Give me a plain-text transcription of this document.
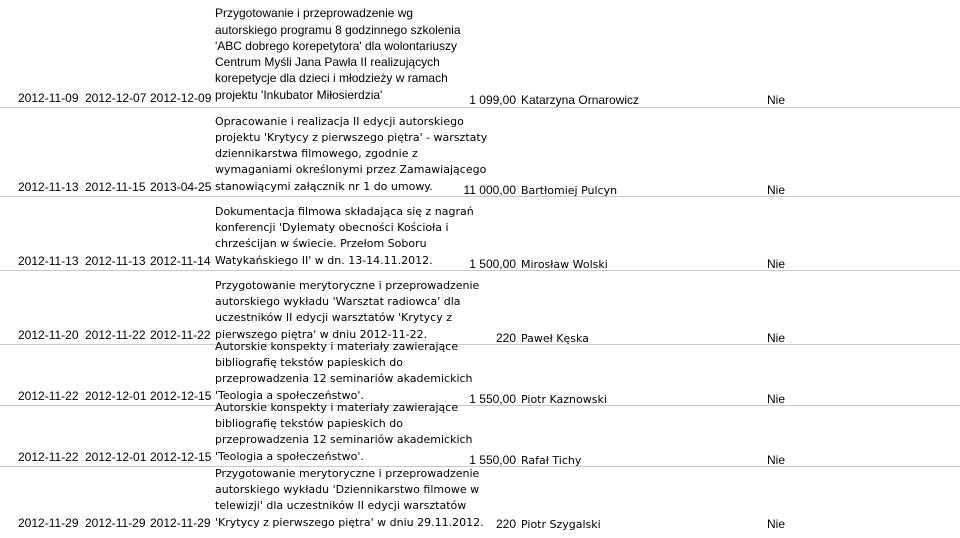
2012-11-09 2012-12-07 2012-12-09
Przygotowanie i przeprowadzenie wg
autorskiego programu 8 godzinnego szkolenia
'ABC dobrego korepetytora' dla wolontariuszy
Centrum Myśli Jana Pawła II realizujących
korepetycje dla dzieci i młodzieży w ramach
projektu 'Inkubator Miłosierdzia'	1 099,00 Katarzyna Ornarowicz	Nie
2012-11-13 2012-11-15 2013-04-25
Opracowanie i realizacja II edycji autorskiego
projektu 'Krytycy z pierwszego piętra' - warsztaty
dziennikarstwa filmowego, zgodnie z
wymaganiami określonymi przez Zamawiającego
stanowiącymi załącznik nr 1 do umowy.	11 000,00 Bartłomiej Pulcyn	Nie
2012-11-13 2012-11-13 2012-11-14
Dokumentacja filmowa składająca się z nagrań
konferencji 'Dylematy obecności Kościoła i
chrześcijan w świecie. Przełom Soboru
Watykańskiego II' w dn. 13-14.11.2012.	1 500,00 Mirosław Wolski	Nie
2012-11-20 2012-11-22 2012-11-22
Przygotowanie merytoryczne i przeprowadzenie
autorskiego wykładu 'Warsztat radiowca' dla
uczestników II edycji warsztatów 'Krytycy z
pierwszego piętra' w dniu 2012-11-22.	220 Paweł Kęska	Nie
2012-11-22 2012-12-01 2012-12-15
Autorskie konspekty i materiały zawierające
bibliografię tekstów papieskich do
przeprowadzenia 12 seminariów akademickich
'Teologia a społeczeństwo'.	1 550,00 Piotr Kaznowski	Nie
2012-11-22 2012-12-01 2012-12-15
Autorskie konspekty i materiały zawierające
bibliografię tekstów papieskich do
przeprowadzenia 12 seminariów akademickich
'Teologia a społeczeństwo'.	1 550,00 Rafał Tichy	Nie
2012-11-29 2012-11-29 2012-11-29
Przygotowanie merytoryczne i przeprowadzenie
autorskiego wykładu 'Dziennikarstwo filmowe w
telewizji' dla uczestników II edycji warsztatów
'Krytycy z pierwszego piętra' w dniu 29.11.2012.	220 Piotr Szygalski	Nie
